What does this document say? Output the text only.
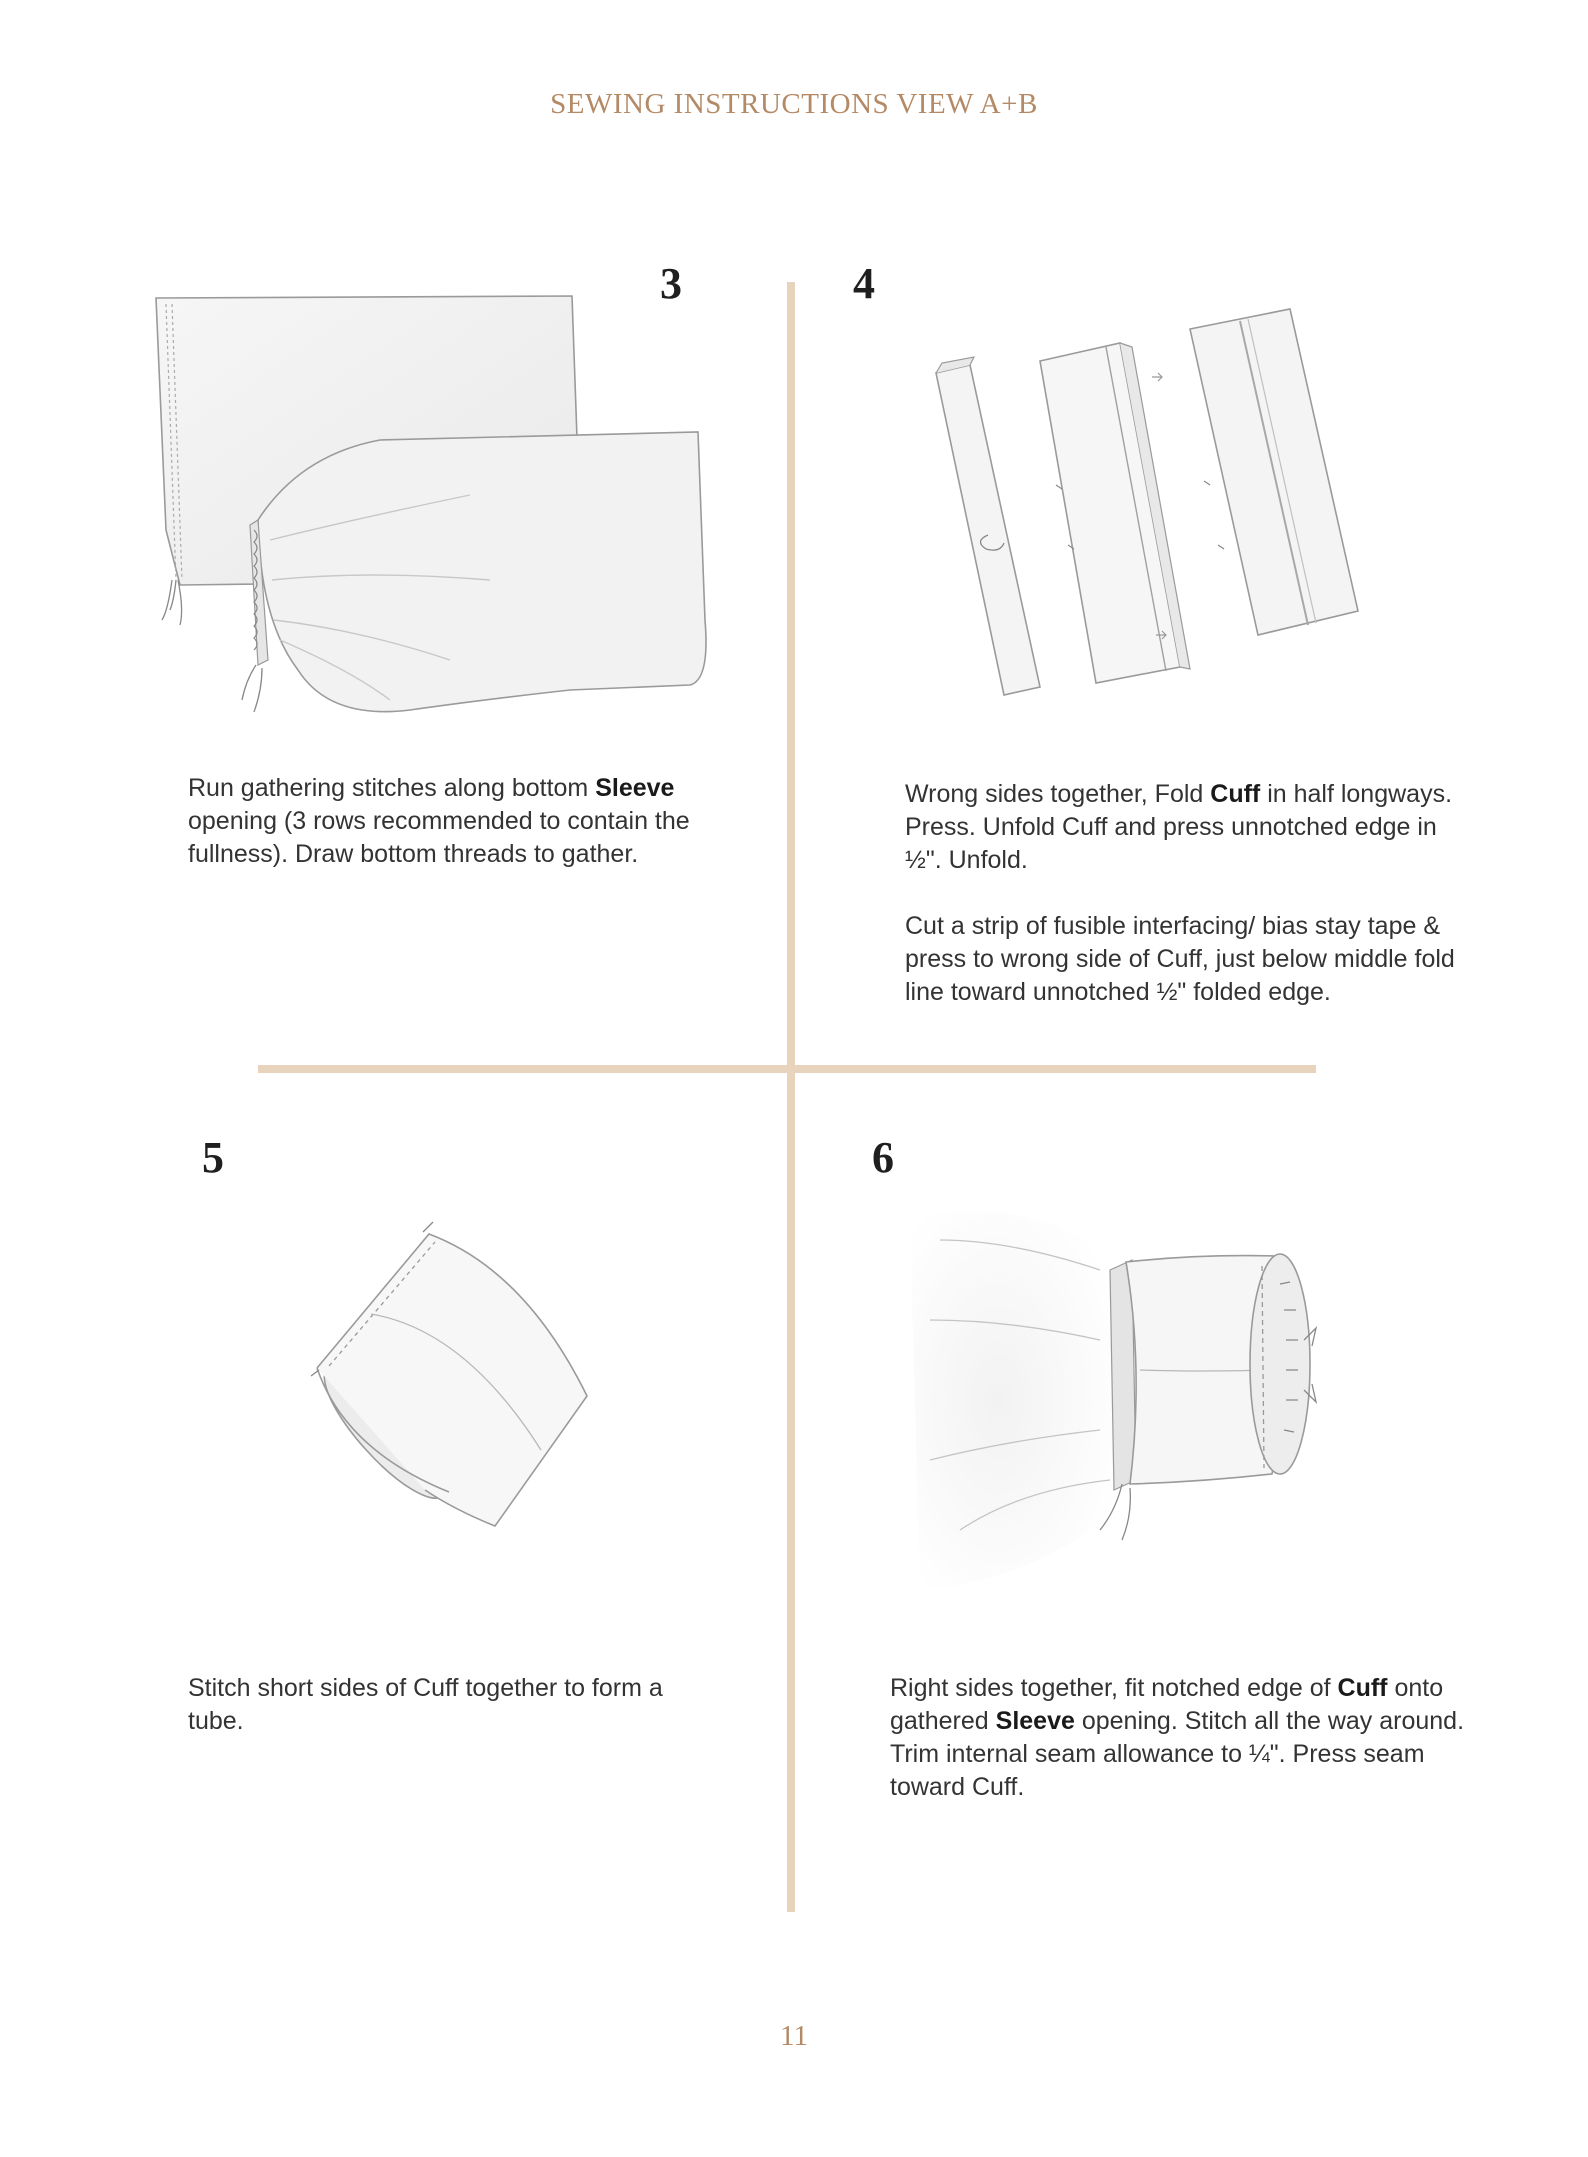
SEWING INSTRUCTIONS VIEW A+B
3

Run gathering stitches along bottom Sleeve opening (3 rows recommended to contain the fullness). Draw bottom threads to gather.

4

Wrong sides together, Fold Cuff in half longways. Press. Unfold Cuff and press unnotched edge in ½". Unfold.

Cut a strip of fusible interfacing/ bias stay tape & press to wrong side of Cuff, just below middle fold line toward unnotched ½" folded edge.

5

Stitch short sides of Cuff together to form a tube.

6

Right sides together, fit notched edge of Cuff onto gathered Sleeve opening. Stitch all the way around. Trim internal seam allowance to ¼". Press seam toward Cuff.

11
